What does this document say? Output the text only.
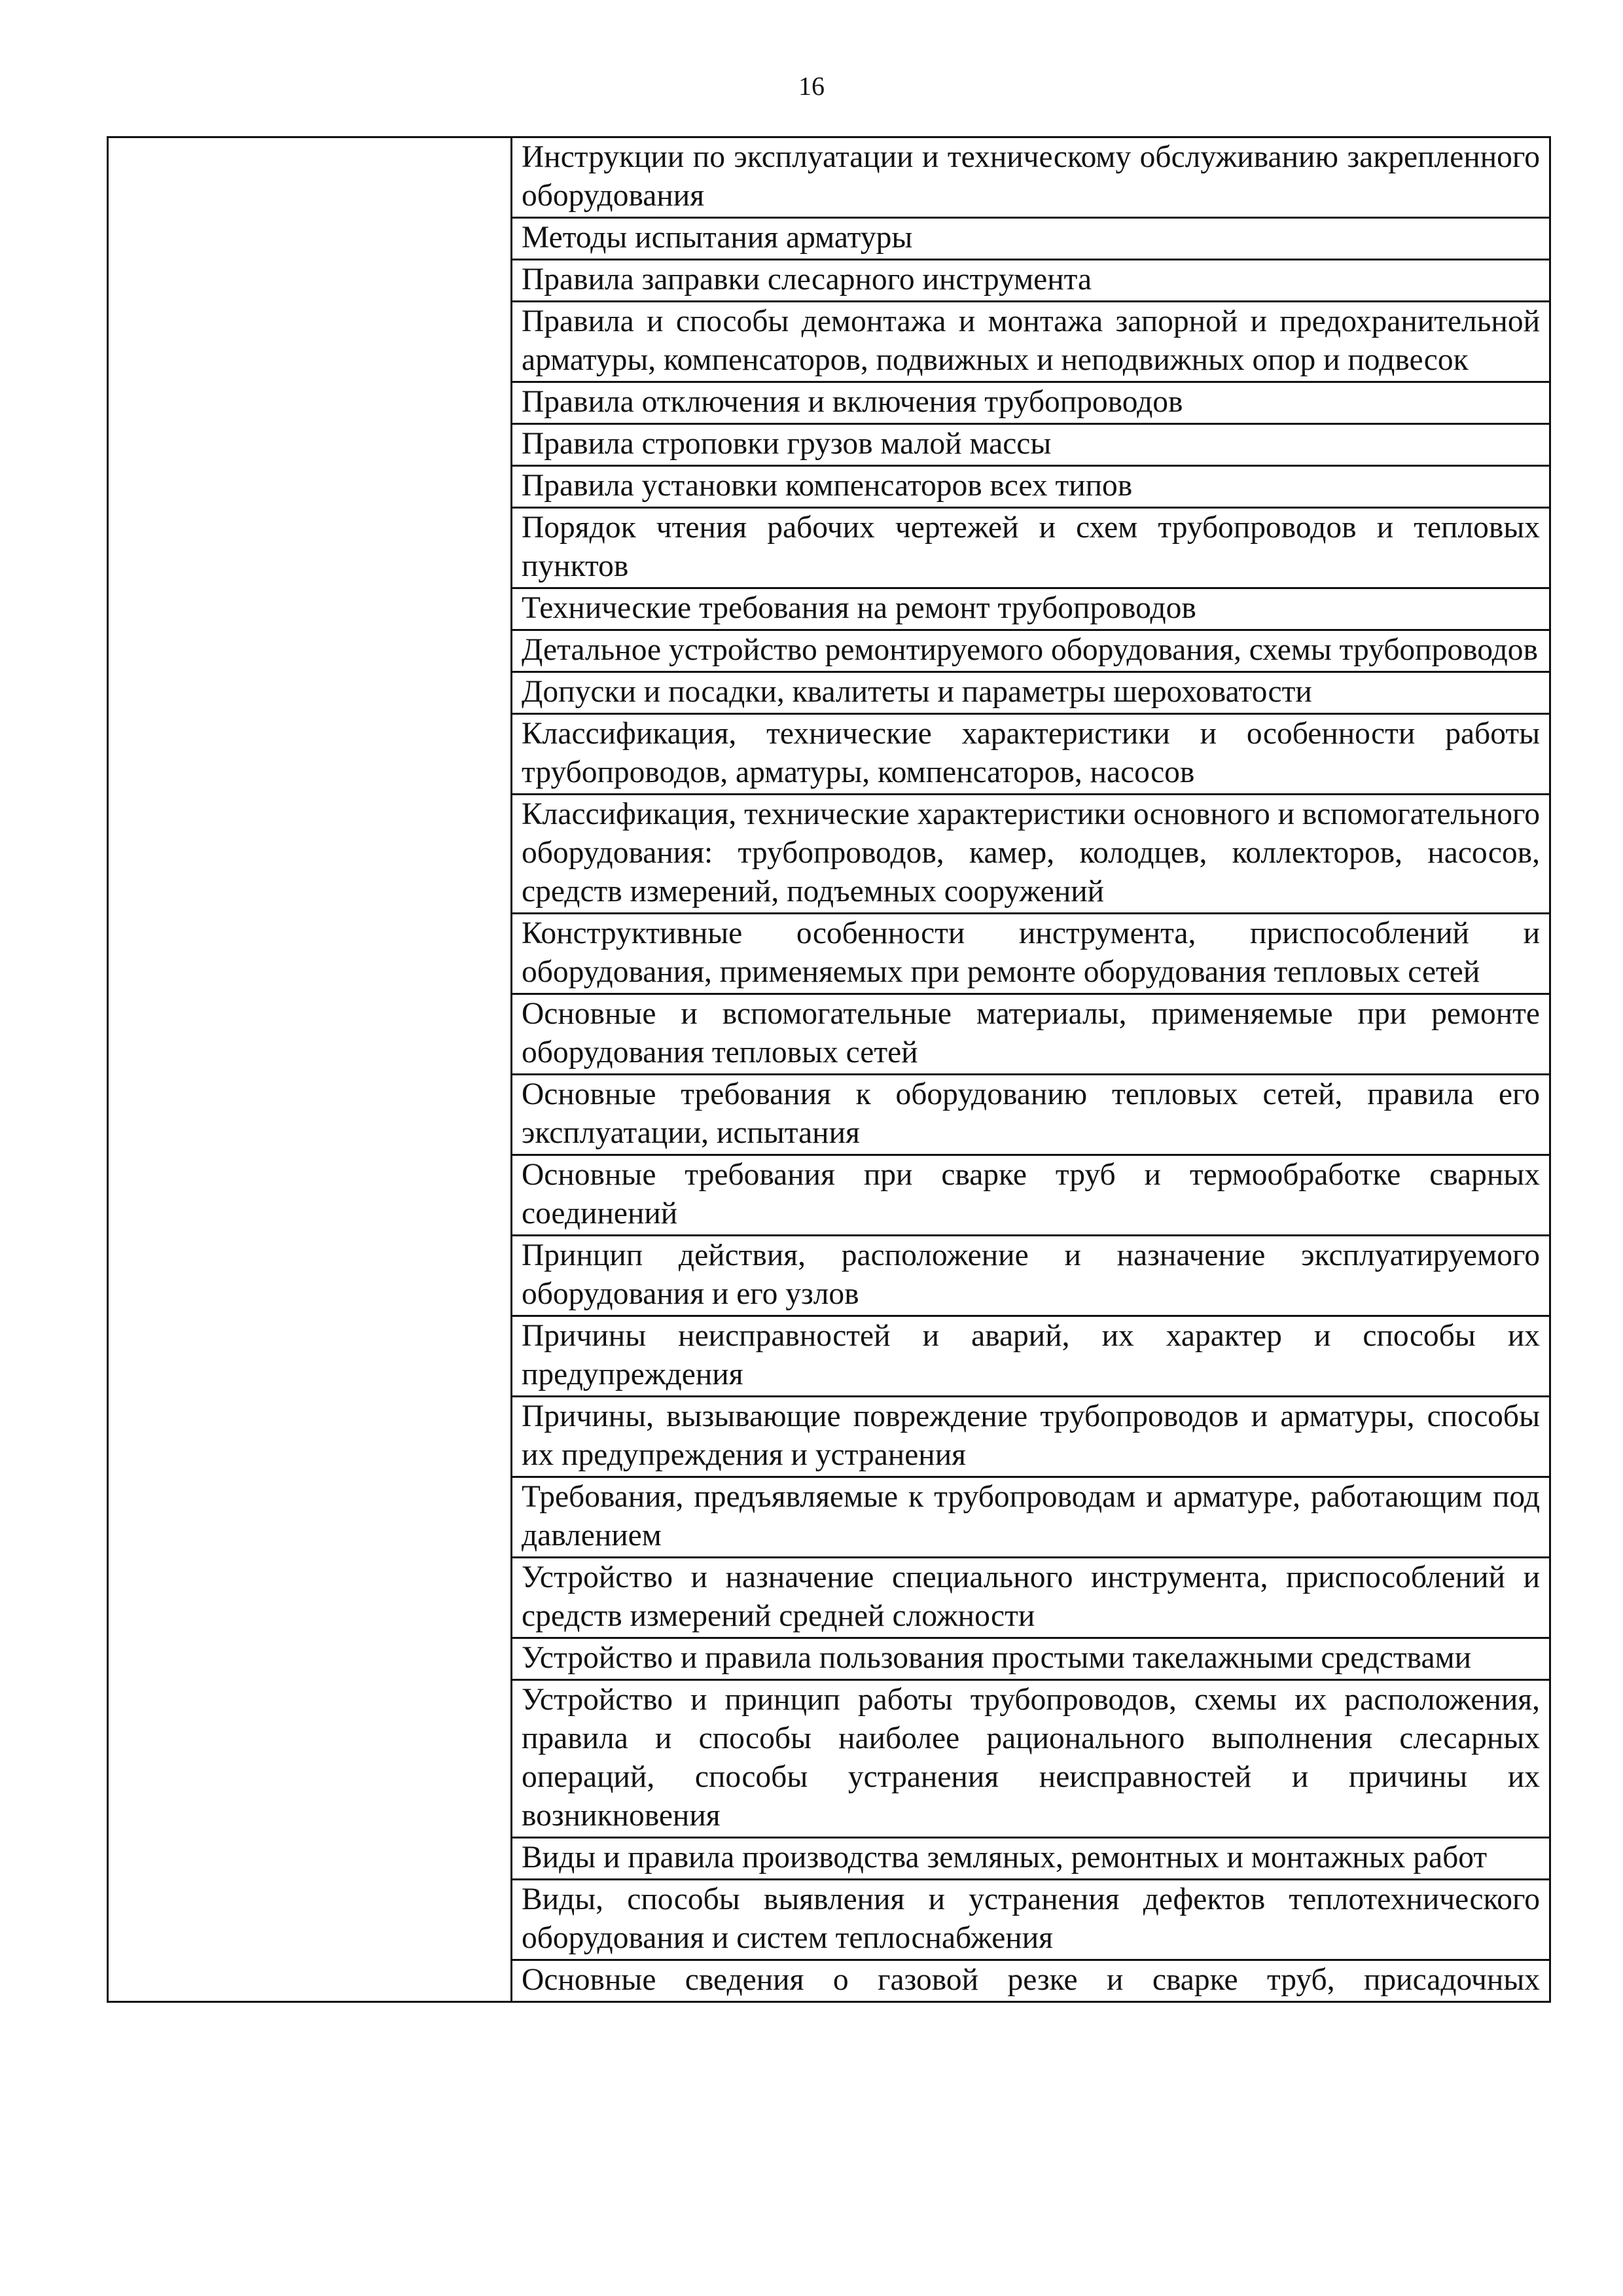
16
	Инструкции по эксплуатации и техническому обслуживанию закрепленного оборудования
Методы испытания арматуры
Правила заправки слесарного инструмента
Правила и способы демонтажа и монтажа запорной и предохранительной арматуры, компенсаторов, подвижных и неподвижных опор и подвесок
Правила отключения и включения трубопроводов
Правила строповки грузов малой массы
Правила установки компенсаторов всех типов
Порядок чтения рабочих чертежей и схем трубопроводов и тепловых пунктов
Технические требования на ремонт трубопроводов
Детальное устройство ремонтируемого оборудования, схемы трубопроводов
Допуски и посадки, квалитеты и параметры шероховатости
Классификация, технические характеристики и особенности работы трубопроводов, арматуры, компенсаторов, насосов
Классификация, технические характеристики основного и вспомогательного оборудования: трубопроводов, камер, колодцев, коллекторов, насосов, средств измерений, подъемных сооружений
Конструктивные особенности инструмента, приспособлений и оборудования, применяемых при ремонте оборудования тепловых сетей
Основные и вспомогательные материалы, применяемые при ремонте оборудования тепловых сетей
Основные требования к оборудованию тепловых сетей, правила его эксплуатации, испытания
Основные требования при сварке труб и термообработке сварных соединений
Принцип действия, расположение и назначение эксплуатируемого оборудования и его узлов
Причины неисправностей и аварий, их характер и способы их предупреждения
Причины, вызывающие повреждение трубопроводов и арматуры, способы их предупреждения и устранения
Требования, предъявляемые к трубопроводам и арматуре, работающим под давлением
Устройство и назначение специального инструмента, приспособлений и средств измерений средней сложности
Устройство и правила пользования простыми такелажными средствами
Устройство и принцип работы трубопроводов, схемы их расположения, правила и способы наиболее рационального выполнения слесарных операций, способы устранения неисправностей и причины их возникновения
Виды и правила производства земляных, ремонтных и монтажных работ
Виды, способы выявления и устранения дефектов теплотехнического оборудования и систем теплоснабжения
Основные сведения о газовой резке и сварке труб, присадочных
